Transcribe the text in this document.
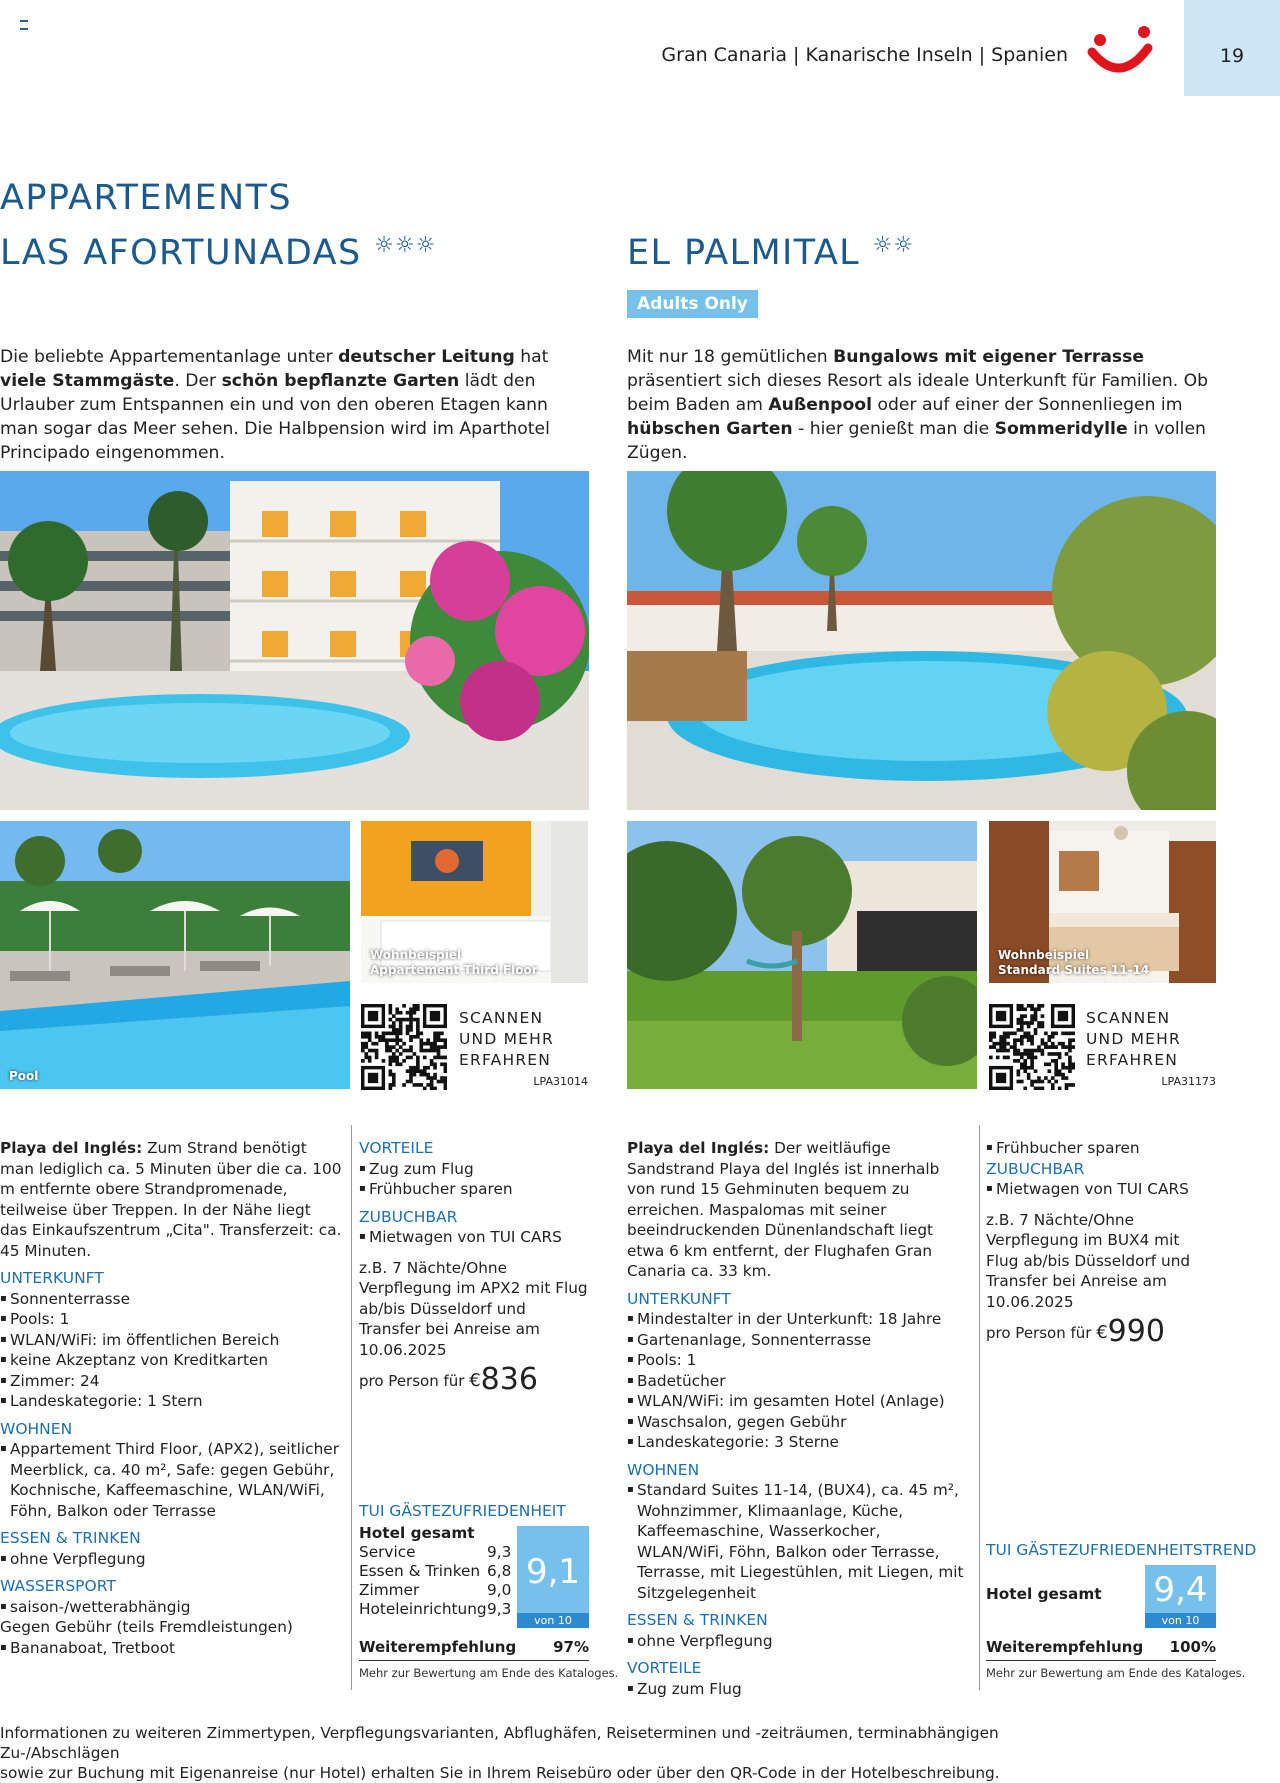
Gran Canaria | Kanarische Inseln | Spanien	19
APPARTEMENTS
LAS AFORTUNADAS ☼☼☼	EL PALMITAL ☼☼
Adults Only
Die beliebte Appartementanlage unter deutscher Leitung hat viele Stammgäste. Der schön bepflanzte Garten lädt den Urlauber zum Entspannen ein und von den oberen Etagen kann man sogar das Meer sehen. Die Halbpension wird im Aparthotel Principado eingenommen.
Mit nur 18 gemütlichen Bungalows mit eigener Terrasse präsentiert sich dieses Resort als ideale Unterkunft für Familien. Ob beim Baden am Außenpool oder auf einer der Sonnenliegen im hübschen Garten - hier genießt man die Sommeridylle in vollen Zügen.
Pool
Wohnbeispiel
Appartement Third Floor
Wohnbeispiel
Standard Suites 11-14
SCANNEN
UND MEHR
ERFAHREN
LPA31014
SCANNEN
UND MEHR
ERFAHREN
LPA31173

Playa del Inglés: Zum Strand benötigt man lediglich ca. 5 Minuten über die ca. 100 m entfernte obere Strandpromenade, teilweise über Treppen. In der Nähe liegt das Einkaufszentrum „Cita". Transferzeit: ca. 45 Minuten.

UNTERKUNFT
▪ Sonnenterrasse
▪ Pools: 1
▪ WLAN/WiFi: im öffentlichen Bereich
▪ keine Akzeptanz von Kreditkarten
▪ Zimmer: 24
▪ Landeskategorie: 1 Stern
WOHNEN
▪ Appartement Third Floor, (APX2), seitlicher Meerblick, ca. 40 m², Safe: gegen Gebühr, Kochnische, Kaffeemaschine, WLAN/WiFi, Föhn, Balkon oder Terrasse
ESSEN & TRINKEN
▪ ohne Verpflegung
WASSERSPORT
▪ saison-/wetterabhängig
Gegen Gebühr (teils Fremdleistungen)
▪ Bananaboat, Tretboot
VORTEILE
▪ Zug zum Flug
▪ Frühbucher sparen
ZUBUCHBAR
▪ Mietwagen von TUI CARS

z.B. 7 Nächte/Ohne Verpflegung im APX2 mit Flug ab/bis Düsseldorf und Transfer bei Anreise am 10.06.2025

pro Person für €836
TUI GÄSTEZUFRIEDENHEIT
Hotel gesamt	
Service	9,3
Essen & Trinken	6,8
Zimmer	9,0
Hoteleinrichtung	9,3
9,1
von 10
Weiterempfehlung 97%
Mehr zur Bewertung am Ende des Kataloges.

Playa del Inglés: Der weitläufige Sandstrand Playa del Inglés ist innerhalb von rund 15 Gehminuten bequem zu erreichen. Maspalomas mit seiner beeindruckenden Dünenlandschaft liegt etwa 6 km entfernt, der Flughafen Gran Canaria ca. 33 km.

UNTERKUNFT
▪ Mindestalter in der Unterkunft: 18 Jahre
▪ Gartenanlage, Sonnenterrasse
▪ Pools: 1
▪ Badetücher
▪ WLAN/WiFi: im gesamten Hotel (Anlage)
▪ Waschsalon, gegen Gebühr
▪ Landeskategorie: 3 Sterne
WOHNEN
▪ Standard Suites 11-14, (BUX4), ca. 45 m², Wohnzimmer, Klimaanlage, Küche, Kaffeemaschine, Wasserkocher, WLAN/WiFi, Föhn, Balkon oder Terrasse, Terrasse, mit Liegestühlen, mit Liegen, mit Sitzgelegenheit
ESSEN & TRINKEN
▪ ohne Verpflegung
VORTEILE
▪ Zug zum Flug
▪ Frühbucher sparen
ZUBUCHBAR
▪ Mietwagen von TUI CARS

z.B. 7 Nächte/Ohne Verpflegung im BUX4 mit Flug ab/bis Düsseldorf und Transfer bei Anreise am 10.06.2025

pro Person für €990
TUI GÄSTEZUFRIEDENHEITSTREND
Hotel gesamt 9,4
von 10
Weiterempfehlung 100%
Mehr zur Bewertung am Ende des Kataloges.
Informationen zu weiteren Zimmertypen, Verpflegungsvarianten, Abflughäfen, Reiseterminen und -zeiträumen, terminabhängigen Zu-/Abschlägen
sowie zur Buchung mit Eigenanreise (nur Hotel) erhalten Sie in Ihrem Reisebüro oder über den QR-Code in der Hotelbeschreibung.
